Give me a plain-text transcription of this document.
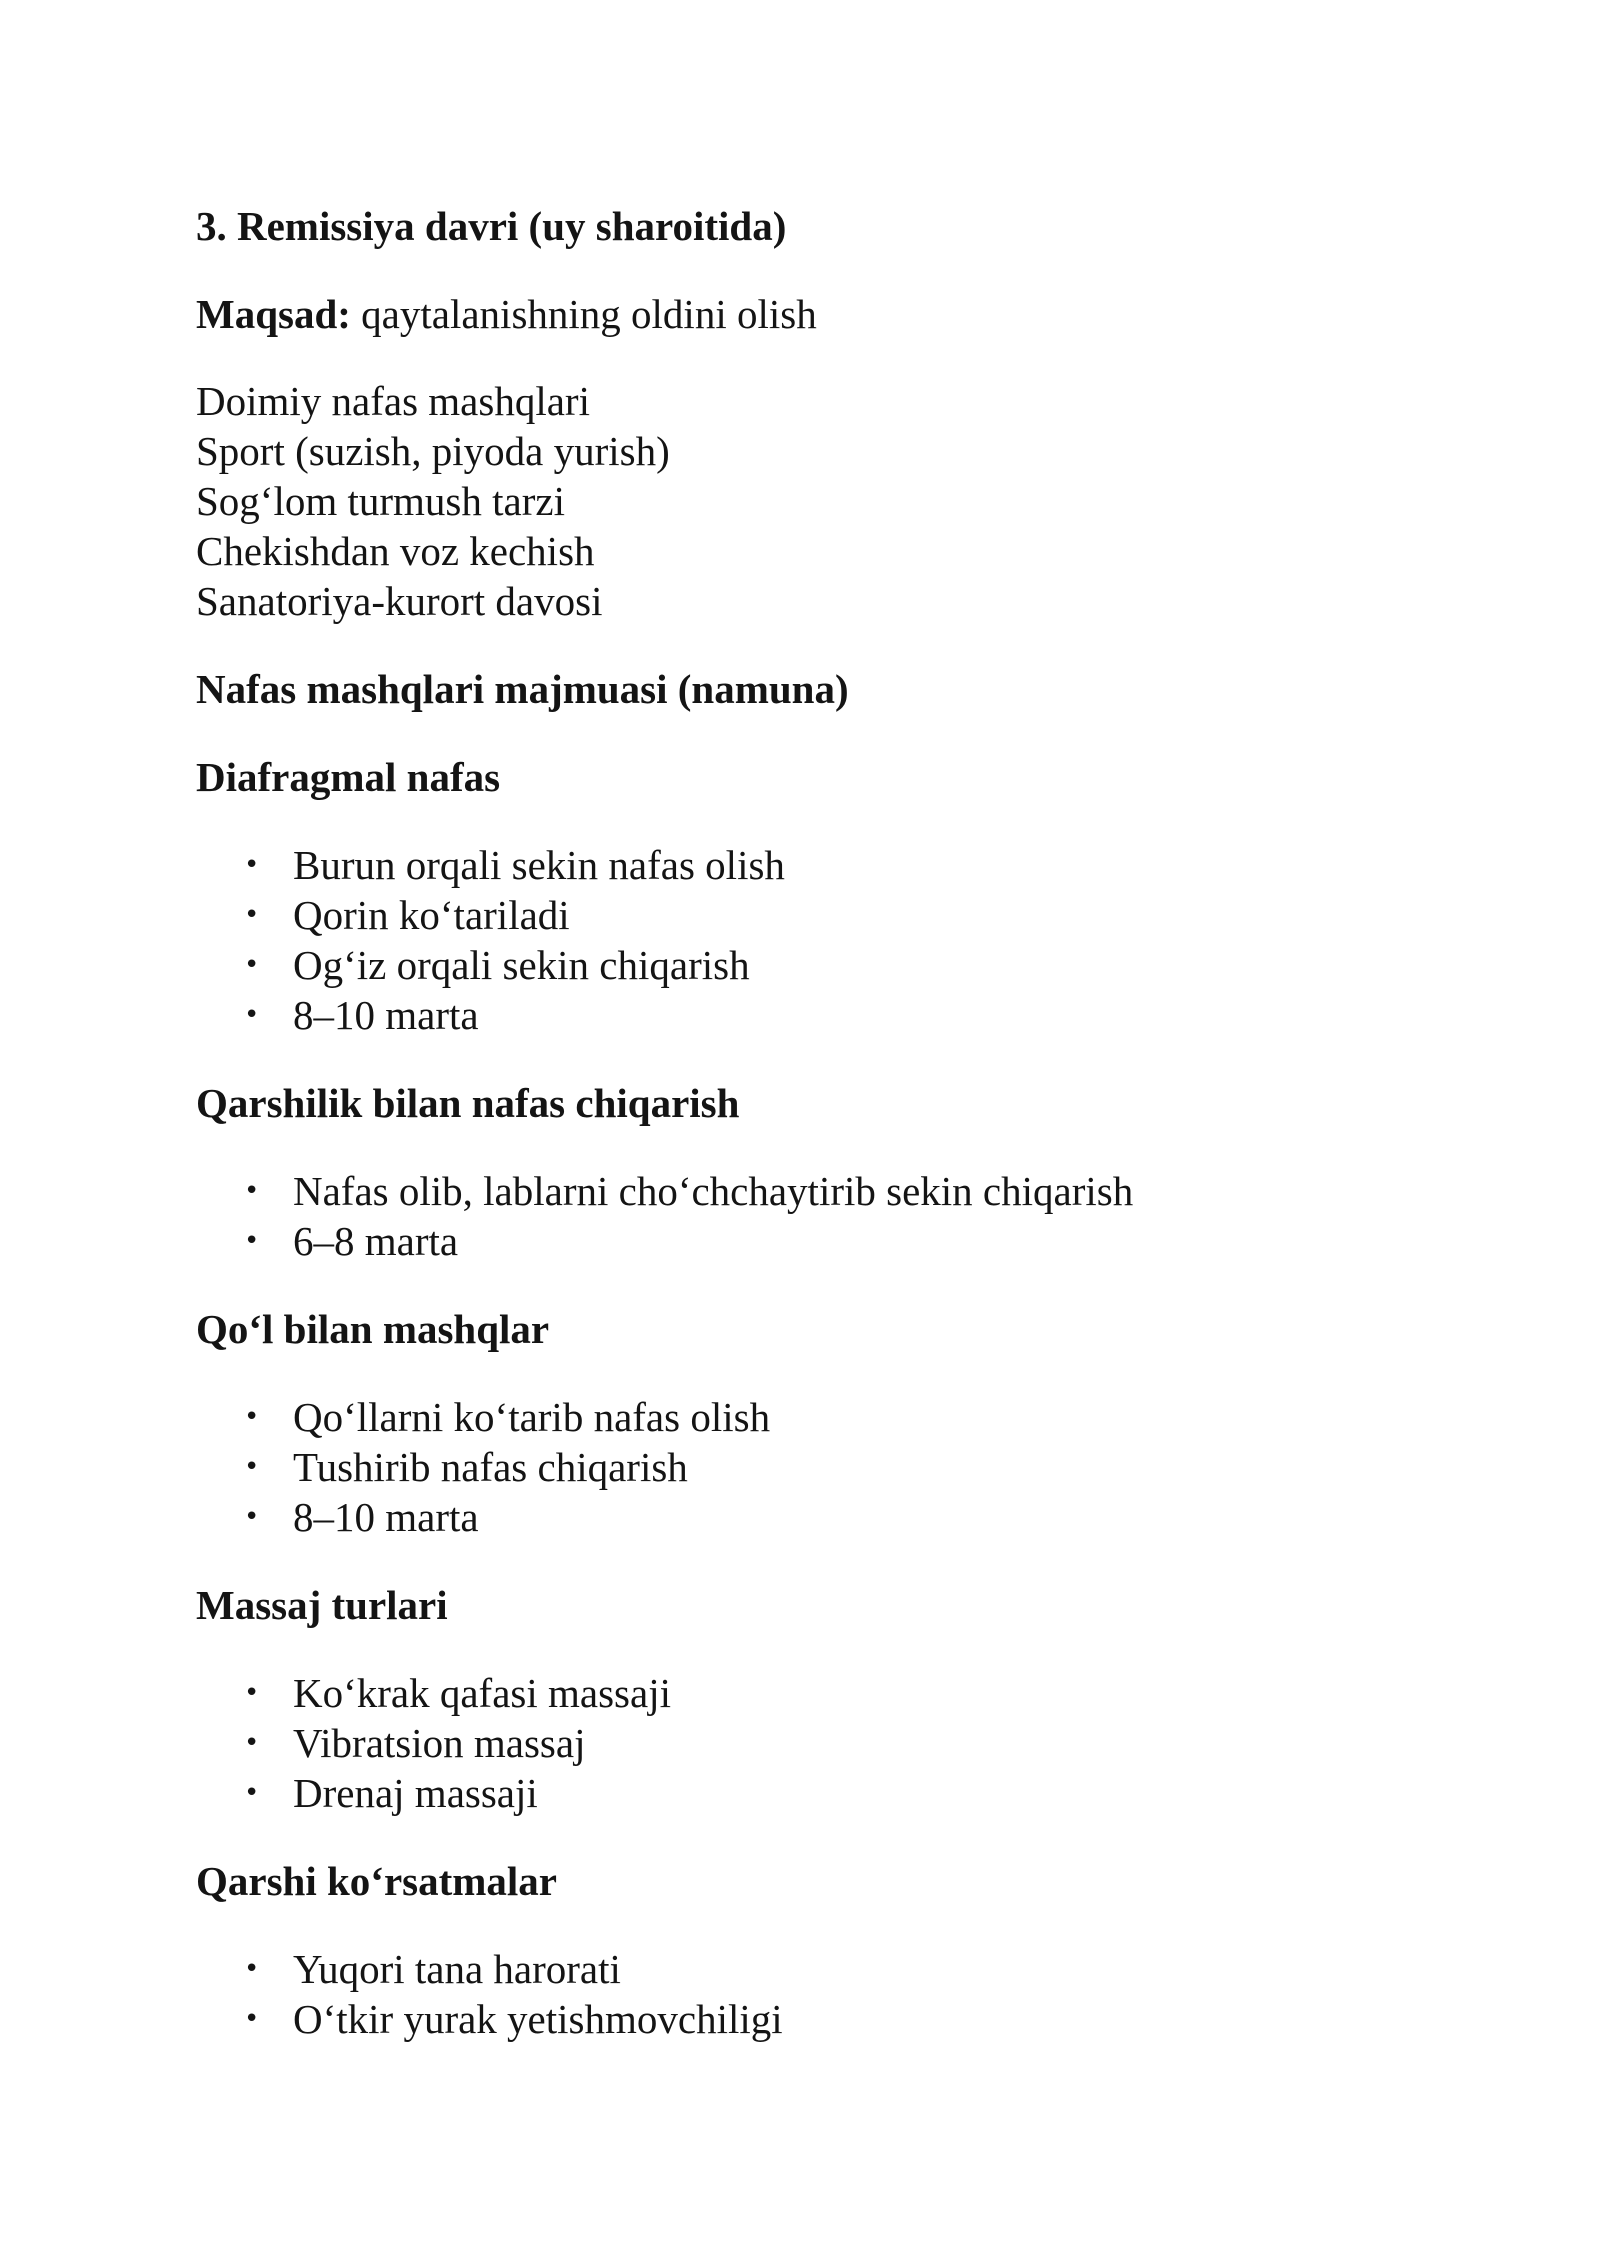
3. Remissiya davri (uy sharoitida)

Maqsad: qaytalanishning oldini olish

Doimiy nafas mashqlari

Sport (suzish, piyoda yurish)

Sog‘lom turmush tarzi

Chekishdan voz kechish

Sanatoriya-kurort davosi

Nafas mashqlari majmuasi (namuna)

Diafragmal nafas

• Burun orqali sekin nafas olish
• Qorin ko‘tariladi
• Og‘iz orqali sekin chiqarish
• 8–10 marta

Qarshilik bilan nafas chiqarish

• Nafas olib, lablarni cho‘chchaytirib sekin chiqarish
• 6–8 marta

Qo‘l bilan mashqlar

• Qo‘llarni ko‘tarib nafas olish
• Tushirib nafas chiqarish
• 8–10 marta

Massaj turlari

• Ko‘krak qafasi massaji
• Vibratsion massaj
• Drenaj massaji

Qarshi ko‘rsatmalar

• Yuqori tana harorati
• O‘tkir yurak yetishmovchiligi
